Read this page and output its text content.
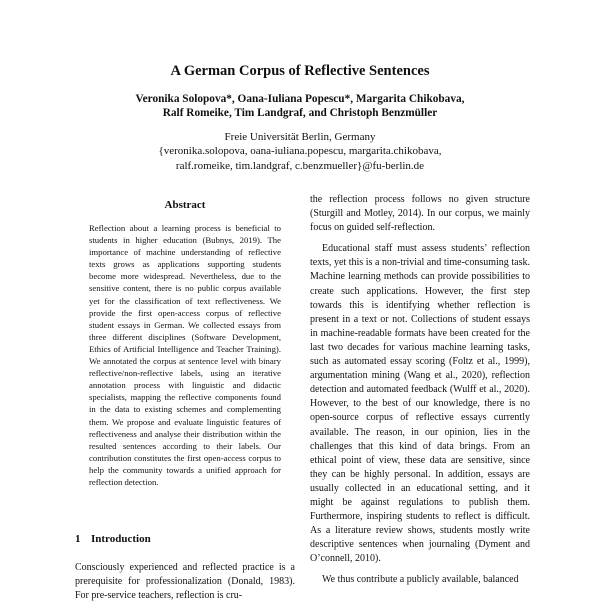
A German Corpus of Reflective Sentences
Veronika Solopova*, Oana-Iuliana Popescu*, Margarita Chikobava,
Ralf Romeike, Tim Landgraf, and Christoph Benzmüller
Freie Universität Berlin, Germany
{veronika.solopova, oana-iuliana.popescu, margarita.chikobava,
ralf.romeike, tim.landgraf, c.benzmueller}@fu-berlin.de
Abstract

Reflection about a learning process is beneficial to students in higher education (Bubnys, 2019). The importance of machine understanding of reflective texts grows as applications supporting students become more widespread. Nevertheless, due to the sensitive content, there is no public corpus available yet for the classification of text reflectiveness. We provide the first open-access corpus of reflective student essays in German. We collected essays from three different disciplines (Software Development, Ethics of Artificial Intelligence and Teacher Training). We annotated the corpus at sentence level with binary reflective/non-reflective labels, using an iterative annotation process with linguistic and didactic specialists, mapping the reflective components found in the data to existing schemes and complementing them. We propose and evaluate linguistic features of reflectiveness and analyse their distribution within the resulted sentences according to their labels. Our contribution constitutes the first open-access corpus to help the community towards a unified approach for reflection detection.

1 Introduction

Consciously experienced and reflected practice is a prerequisite for professionalization (Donald, 1983). For pre-service teachers, reflection is cru-

the reflection process follows no given structure (Sturgill and Motley, 2014). In our corpus, we mainly focus on guided self-reflection.

Educational staff must assess students’ reflection texts, yet this is a non-trivial and time-consuming task. Machine learning methods can provide possibilities to create such applications. However, the first step towards this is identifying whether reflection is present in a text or not. Collections of student essays in machine-readable formats have been created for the last two decades for various machine learning tasks, such as automated essay scoring (Foltz et al., 1999), argumentation mining (Wang et al., 2020), reflection detection and automated feedback (Wulff et al., 2020). However, to the best of our knowledge, there is no open-source corpus of reflective essays currently available. The reason, in our opinion, lies in the challenges that this kind of data brings. From an ethical point of view, these data are sensitive, since they can be highly personal. In addition, essays are usually collected in an educational setting, and it might be against regulations to publish them. Furthermore, inspiring students to reflect is difficult. As a literature review shows, students mostly write descriptive sentences when journaling (Dyment and O’connell, 2010).

We thus contribute a publicly available, balanced
